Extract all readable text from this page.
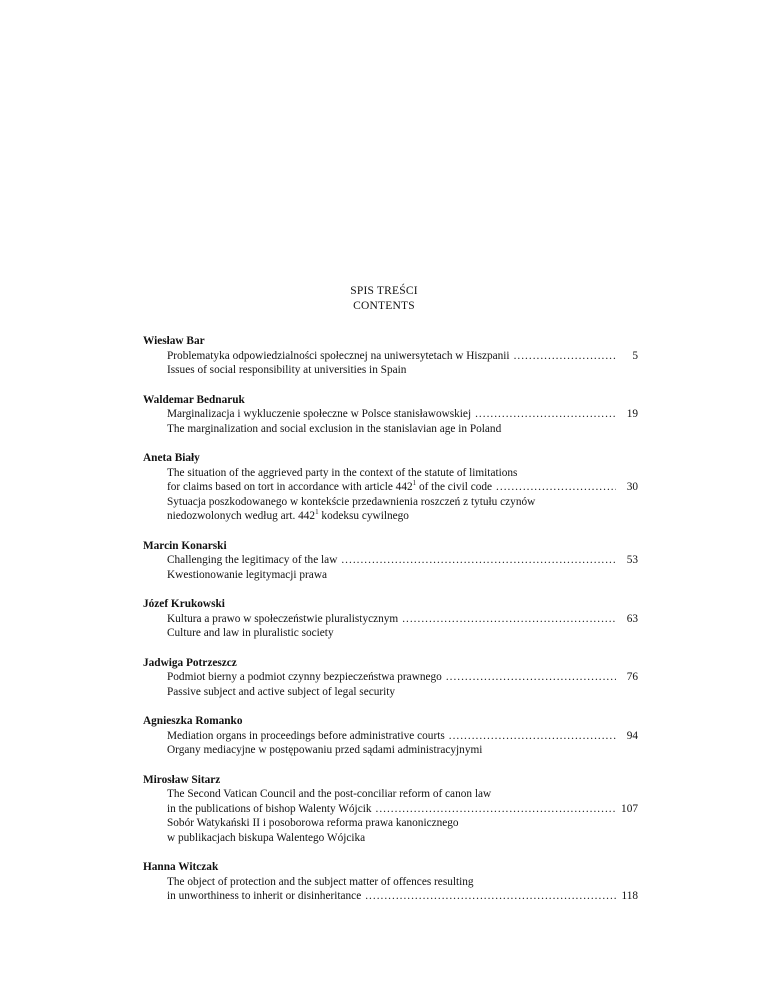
SPIS TREŚCI
CONTENTS
Wiesław Bar
Problematyka odpowiedzialności społecznej na uniwersytetach w Hiszpanii
.....
Issues of social responsibility at universities in Spain
5
Waldemar Bednaruk
Marginalizacja i wykluczenie społeczne w Polsce stanisławowskiej
.....
The marginalization and social exclusion in the stanislavian age in Poland
19
Aneta Biały
The situation of the aggrieved party in the context of the statute of limitations
for claims based on tort in accordance with article $442^1$ of the civil code
.....
Sytuacja poszkodowanego w kontekście przedawnienia roszczeń z tytułu czynów
niedozwolonych według art. $442^1$ kodeksu cywilnego
30
Marcin Konarski
Challenging the legitimacy of the law
.....
Kwestionowanie legitymacji prawa
53
Józef Krukowski
Kultura a prawo w społeczeństwie pluralistycznym
.....
Culture and law in pluralistic society
63
Jadwiga Potrzeszcz
Podmiot bierny a podmiot czynny bezpieczeństwa prawnego
.....
Passive subject and active subject of legal security
76
Agnieszka Romanko
Mediation organs in proceedings before administrative courts
.....
Organy mediacyjne w postępowaniu przed sądami administracyjnymi
94
Mirosław Sitarz
The Second Vatican Council and the post-conciliar reform of canon law
in the publications of bishop Walenty Wójcik
.....
Sobór Watykański II i posoborowa reforma prawa kanonicznego
w publikacjach biskupa Walentego Wójcika
107
Hanna Witczak
The object of protection and the subject matter of offences resulting
in unworthiness to inherit or disinheritance
.....	118
